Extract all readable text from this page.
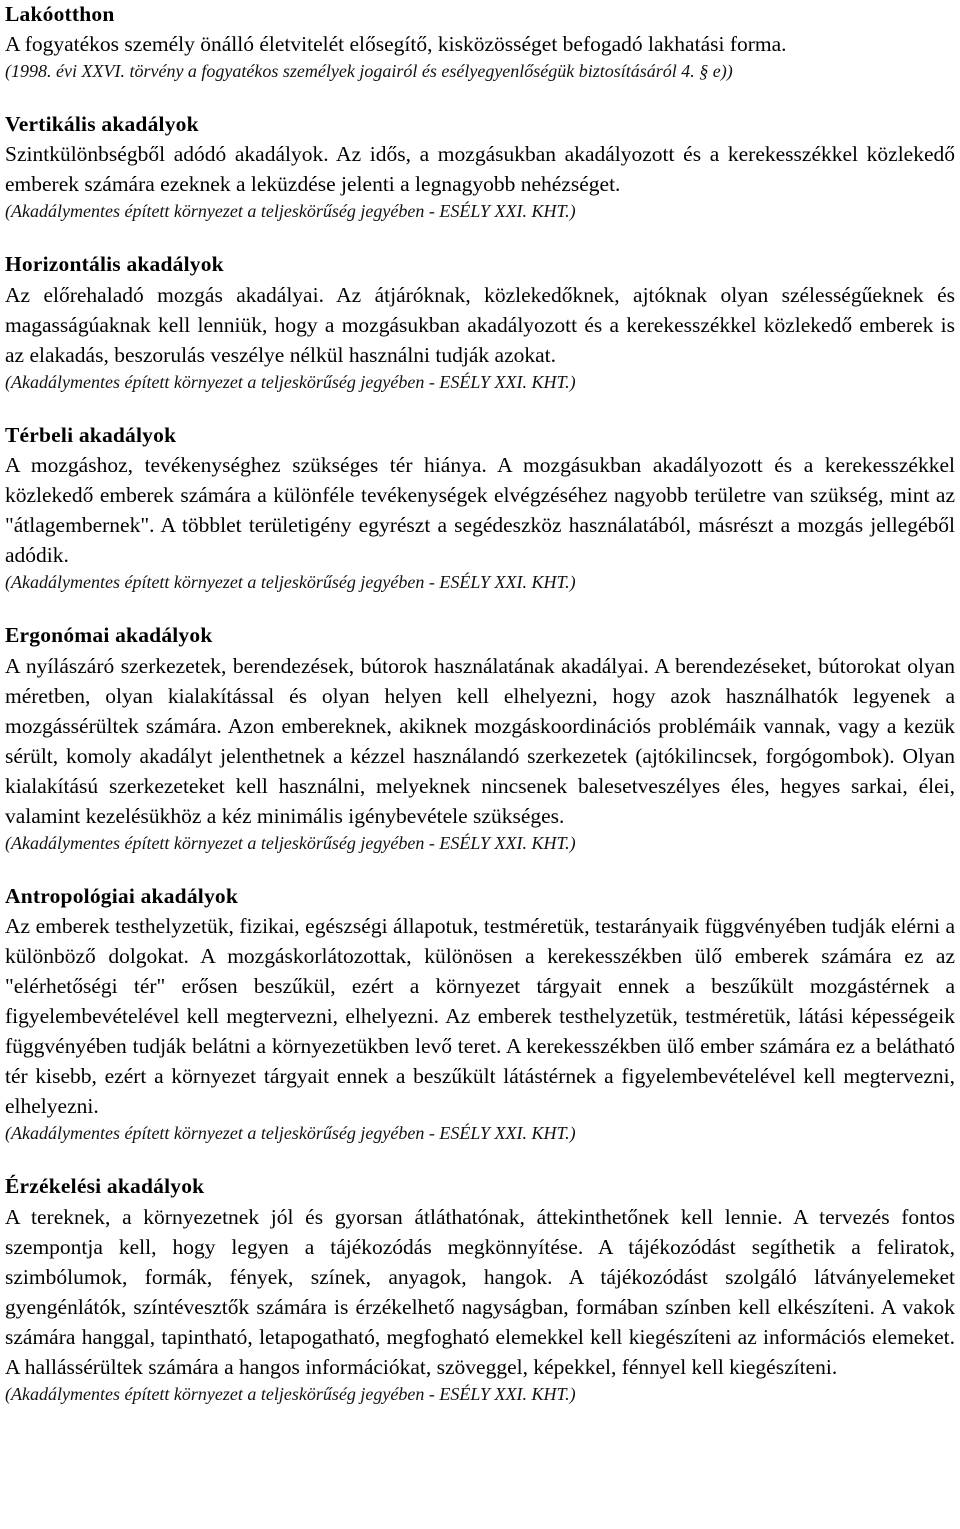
Lakóotthon

A fogyatékos személy önálló életvitelét elősegítő, kisközösséget befogadó lakhatási forma.

(1998. évi XXVI. törvény a fogyatékos személyek jogairól és esélyegyenlőségük biztosításáról 4. § e))

Vertikális akadályok

Szintkülönbségből adódó akadályok. Az idős, a mozgásukban akadályozott és a kerekesszékkel közlekedő emberek számára ezeknek a leküzdése jelenti a legnagyobb nehézséget.

(Akadálymentes épített környezet a teljeskörűség jegyében - ESÉLY XXI. KHT.)

Horizontális akadályok

Az előrehaladó mozgás akadályai. Az átjáróknak, közlekedőknek, ajtóknak olyan szélességűeknek és magasságúaknak kell lenniük, hogy a mozgásukban akadályozott és a kerekesszékkel közlekedő emberek is az elakadás, beszorulás veszélye nélkül használni tudják azokat.

(Akadálymentes épített környezet a teljeskörűség jegyében - ESÉLY XXI. KHT.)

Térbeli akadályok

A mozgáshoz, tevékenységhez szükséges tér hiánya. A mozgásukban akadályozott és a kerekesszékkel közlekedő emberek számára a különféle tevékenységek elvégzéséhez nagyobb területre van szükség, mint az "átlagembernek". A többlet területigény egyrészt a segédeszköz használatából, másrészt a mozgás jellegéből adódik.

(Akadálymentes épített környezet a teljeskörűség jegyében - ESÉLY XXI. KHT.)

Ergonómai akadályok

A nyílászáró szerkezetek, berendezések, bútorok használatának akadályai. A berendezéseket, bútorokat olyan méretben, olyan kialakítással és olyan helyen kell elhelyezni, hogy azok használhatók legyenek a mozgássérültek számára. Azon embereknek, akiknek mozgáskoordinációs problémáik vannak, vagy a kezük sérült, komoly akadályt jelenthetnek a kézzel használandó szerkezetek (ajtókilincsek, forgógombok). Olyan kialakítású szerkezeteket kell használni, melyeknek nincsenek balesetveszélyes éles, hegyes sarkai, élei, valamint kezelésükhöz a kéz minimális igénybevétele szükséges.

(Akadálymentes épített környezet a teljeskörűség jegyében - ESÉLY XXI. KHT.)

Antropológiai akadályok

Az emberek testhelyzetük, fizikai, egészségi állapotuk, testméretük, testarányaik függvényében tudják elérni a különböző dolgokat. A mozgáskorlátozottak, különösen a kerekesszékben ülő emberek számára ez az "elérhetőségi tér" erősen beszűkül, ezért a környezet tárgyait ennek a beszűkült mozgástérnek a figyelembevételével kell megtervezni, elhelyezni. Az emberek testhelyzetük, testméretük, látási képességeik függvényében tudják belátni a környezetükben levő teret. A kerekesszékben ülő ember számára ez a belátható tér kisebb, ezért a környezet tárgyait ennek a beszűkült látástérnek a figyelembevételével kell megtervezni, elhelyezni.

(Akadálymentes épített környezet a teljeskörűség jegyében - ESÉLY XXI. KHT.)

Érzékelési akadályok

A tereknek, a környezetnek jól és gyorsan átláthatónak, áttekinthetőnek kell lennie. A tervezés fontos szempontja kell, hogy legyen a tájékozódás megkönnyítése. A tájékozódást segíthetik a feliratok, szimbólumok, formák, fények, színek, anyagok, hangok. A tájékozódást szolgáló látványelemeket gyengénlátók, színtévesztők számára is érzékelhető nagyságban, formában színben kell elkészíteni. A vakok számára hanggal, tapintható, letapogatható, megfogható elemekkel kell kiegészíteni az információs elemeket. A hallássérültek számára a hangos információkat, szöveggel, képekkel, fénnyel kell kiegészíteni.

(Akadálymentes épített környezet a teljeskörűség jegyében - ESÉLY XXI. KHT.)
